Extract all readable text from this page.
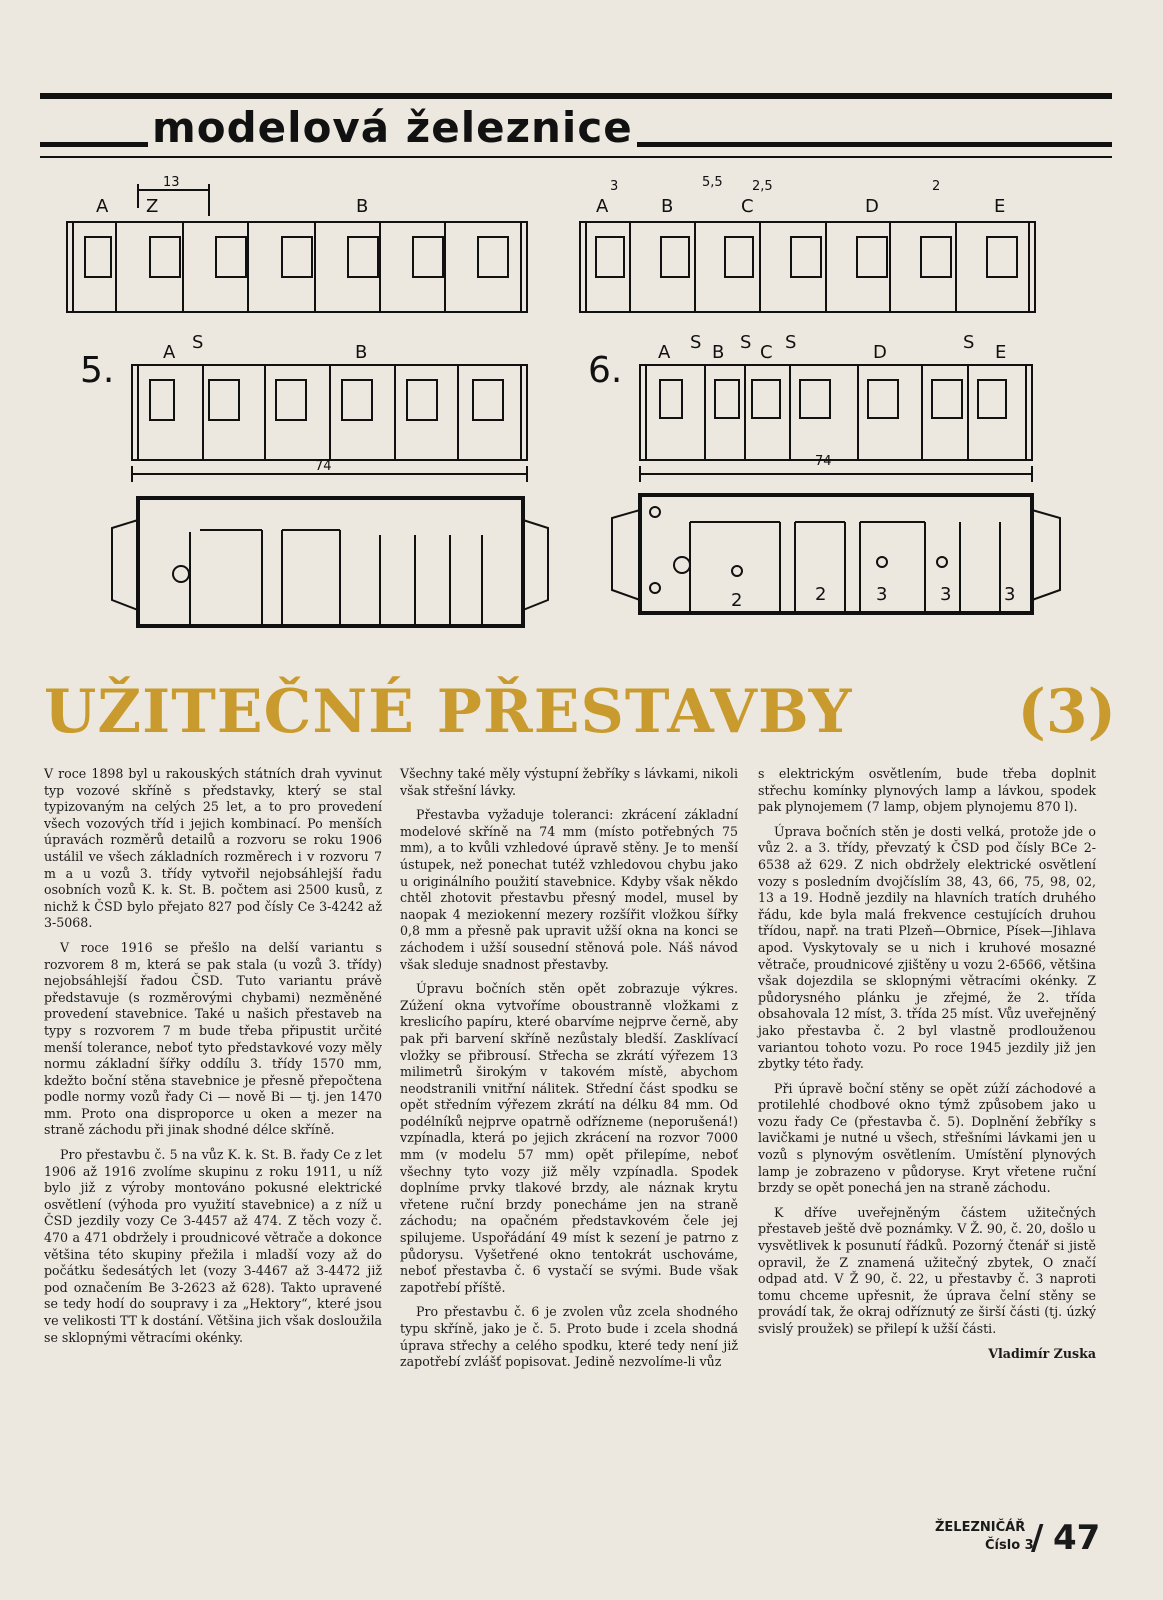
modelová železnice
A Z	B
13
A	B	C	D	E
3	5,5 2,5	2
5.	A S	B
74
6. A S B S C S	D	S E
74
2	2	3	3	3
UŽITEČNÉ PŘESTAVBY	(3)

V roce 1898 byl u rakouských státních drah vyvinut typ vozové skříně s představky, který se stal typizovaným na celých 25 let, a to pro provedení všech vozových tříd i jejich kombinací. Po menších úpravách rozměrů detailů a rozvoru se roku 1906 ustálil ve všech základních rozměrech i v rozvoru 7 m a u vozů 3. třídy vytvořil nejobsáhlejší řadu osobních vozů K. k. St. B. počtem asi 2500 kusů, z nichž k ČSD bylo přejato 827 pod čísly Ce 3-4242 až 3-5068.

V roce 1916 se přešlo na delší variantu s rozvorem 8 m, která se pak stala (u vozů 3. třídy) nejobsáhlejší řadou ČSD. Tuto variantu právě představuje (s rozměrovými chybami) nezměněné provedení stavebnice. Také u našich přestaveb na typy s rozvorem 7 m bude třeba připustit určité menší tolerance, neboť tyto představkové vozy měly normu základní šířky oddílu 3. třídy 1570 mm, kdežto boční stěna stavebnice je přesně přepočtena podle normy vozů řady Ci — nově Bi — tj. jen 1470 mm. Proto ona disproporce u oken a mezer na straně záchodu při jinak shodné délce skříně.

Pro přestavbu č. 5 na vůz K. k. St. B. řady Ce z let 1906 až 1916 zvolíme skupinu z roku 1911, u níž bylo již z výroby montováno pokusné elektrické osvětlení (výhoda pro využití stavebnice) a z níž u ČSD jezdily vozy Ce 3-4457 až 474. Z těch vozy č. 470 a 471 obdržely i proudnicové větrače a dokonce většina této skupiny přežila i mladší vozy až do počátku šedesátých let (vozy 3-4467 až 3-4472 již pod označením Be 3-2623 až 628). Takto upravené se tedy hodí do soupravy i za „Hektory“, které jsou ve velikosti TT k dostání. Většina jich však dosloužila se sklopnými větracími okénky.

Všechny také měly výstupní žebříky s lávkami, nikoli však střešní lávky.

Přestavba vyžaduje toleranci: zkrácení základní modelové skříně na 74 mm (místo potřebných 75 mm), a to kvůli vzhledové úpravě stěny. Je to menší ústupek, než ponechat tutéž vzhledovou chybu jako u originálního použití stavebnice. Kdyby však někdo chtěl zhotovit přestavbu přesný model, musel by naopak 4 meziokenní mezery rozšířit vložkou šířky 0,8 mm a přesně pak upravit užší okna na konci se záchodem i užší sousední stěnová pole. Náš návod však sleduje snadnost přestavby.

Úpravu bočních stěn opět zobrazuje výkres. Zúžení okna vytvoříme oboustranně vložkami z kreslicího papíru, které obarvíme nejprve černě, aby pak při barvení skříně nezůstaly bledší. Zasklívací vložky se přibrousí. Střecha se zkrátí výřezem 13 milimetrů širokým v takovém místě, abychom neodstranili vnitřní nálitek. Střední část spodku se opět středním výřezem zkrátí na délku 84 mm. Od podélníků nejprve opatrně odřízneme (neporušená!) vzpínadla, která po jejich zkrácení na rozvor 7000 mm (v modelu 57 mm) opět přilepíme, neboť všechny tyto vozy již měly vzpínadla. Spodek doplníme prvky tlakové brzdy, ale náznak krytu vřetene ruční brzdy ponecháme jen na straně záchodu; na opačném představkovém čele jej spilujeme. Uspořádání 49 míst k sezení je patrno z půdorysu. Vyšetřené okno tentokrát uschováme, neboť přestavba č. 6 vystačí se svými. Bude však zapotřebí příště.

Pro přestavbu č. 6 je zvolen vůz zcela shodného typu skříně, jako je č. 5. Proto bude i zcela shodná úprava střechy a celého spodku, které tedy není již zapotřebí zvlášť popisovat. Jedině nezvolíme-li vůz

s elektrickým osvětlením, bude třeba doplnit střechu komínky plynových lamp a lávkou, spodek pak plynojemem (7 lamp, objem plynojemu 870 l).

Úprava bočních stěn je dosti velká, protože jde o vůz 2. a 3. třídy, převzatý k ČSD pod čísly BCe 2-6538 až 629. Z nich obdržely elektrické osvětlení vozy s posledním dvojčíslím 38, 43, 66, 75, 98, 02, 13 a 19. Hodně jezdily na hlavních tratích druhého řádu, kde byla malá frekvence cestujících druhou třídou, např. na trati Plzeň—Obrnice, Písek—Jihlava apod. Vyskytovaly se u nich i kruhové mosazné větrače, proudnicové zjištěny u vozu 2-6566, většina však dojezdila se sklopnými větracími okénky. Z půdorysného plánku je zřejmé, že 2. třída obsahovala 12 míst, 3. třída 25 míst. Vůz uveřejněný jako přestavba č. 2 byl vlastně prodlouženou variantou tohoto vozu. Po roce 1945 jezdily již jen zbytky této řady.

Při úpravě boční stěny se opět zúží záchodové a protilehlé chodbové okno týmž způsobem jako u vozu řady Ce (přestavba č. 5). Doplnění žebříky s lavičkami je nutné u všech, střešními lávkami jen u vozů s plynovým osvětlením. Umístění plynových lamp je zobrazeno v půdoryse. Kryt vřetene ruční brzdy se opět ponechá jen na straně záchodu.

K dříve uveřejněným částem užitečných přestaveb ještě dvě poznámky. V Ž. 90, č. 20, došlo u vysvětlivek k posunutí řádků. Pozorný čtenář si jistě opravil, že Z znamená užitečný zbytek, O značí odpad atd. V Ž 90, č. 22, u přestavby č. 3 naproti tomu chceme upřesnit, že úprava čelní stěny se provádí tak, že okraj odříznutý ze širší části (tj. úzký svislý proužek) se přilepí k užší části.

Vladimír Zuska
ŽELEZNIČÁŘ
Číslo 3
/ 47
